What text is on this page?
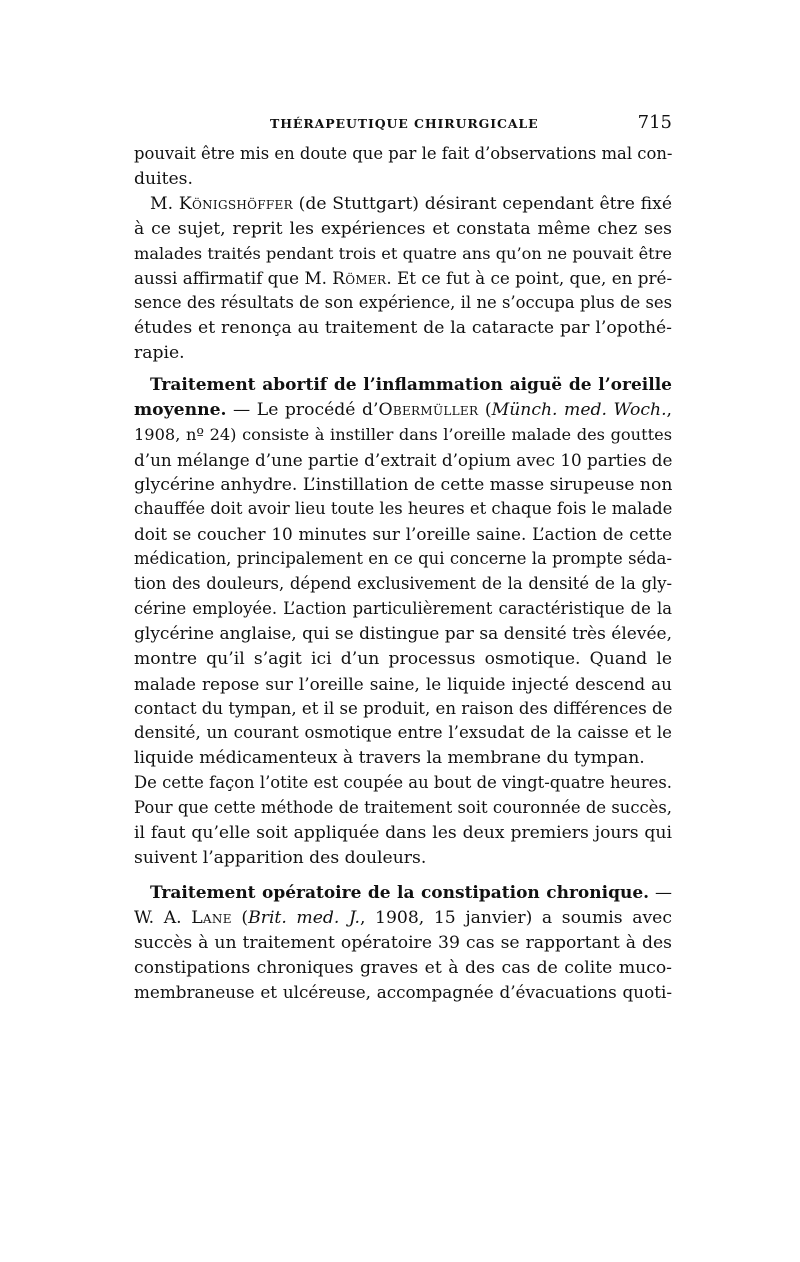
THÉRAPEUTIQUE CHIRURGICALE	715
pouvait être mis en doute que par le fait d’observations mal con-
duites.
M. Königshöffer (de Stuttgart) désirant cependant être fixé
à ce sujet, reprit les expériences et constata même chez ses
malades traités pendant trois et quatre ans qu’on ne pouvait être
aussi affirmatif que M. Römer. Et ce fut à ce point, que, en pré-
sence des résultats de son expérience, il ne s’occupa plus de ses
études et renonça au traitement de la cataracte par l’opothé-
rapie.
Traitement abortif de l’inflammation aiguë de l’oreille
moyenne. — Le procédé d’Obermüller (Münch. med. Woch.,
1908, nº 24) consiste à instiller dans l’oreille malade des gouttes
d’un mélange d’une partie d’extrait d’opium avec 10 parties de
glycérine anhydre. L’instillation de cette masse sirupeuse non
chauffée doit avoir lieu toute les heures et chaque fois le malade
doit se coucher 10 minutes sur l’oreille saine. L’action de cette
médication, principalement en ce qui concerne la prompte séda-
tion des douleurs, dépend exclusivement de la densité de la gly-
cérine employée. L’action particulièrement caractéristique de la
glycérine anglaise, qui se distingue par sa densité très élevée,
montre qu’il s’agit ici d’un processus osmotique. Quand le
malade repose sur l’oreille saine, le liquide injecté descend au
contact du tympan, et il se produit, en raison des différences de
densité, un courant osmotique entre l’exsudat de la caisse et le
liquide médicamenteux à travers la membrane du tympan.
De cette façon l’otite est coupée au bout de vingt-quatre heures.
Pour que cette méthode de traitement soit couronnée de succès,
il faut qu’elle soit appliquée dans les deux premiers jours qui
suivent l’apparition des douleurs.
Traitement opératoire de la constipation chronique. —
W. A. Lane (Brit. med. J., 1908, 15 janvier) a soumis avec
succès à un traitement opératoire 39 cas se rapportant à des
constipations chroniques graves et à des cas de colite muco-
membraneuse et ulcéreuse, accompagnée d’évacuations quoti-
